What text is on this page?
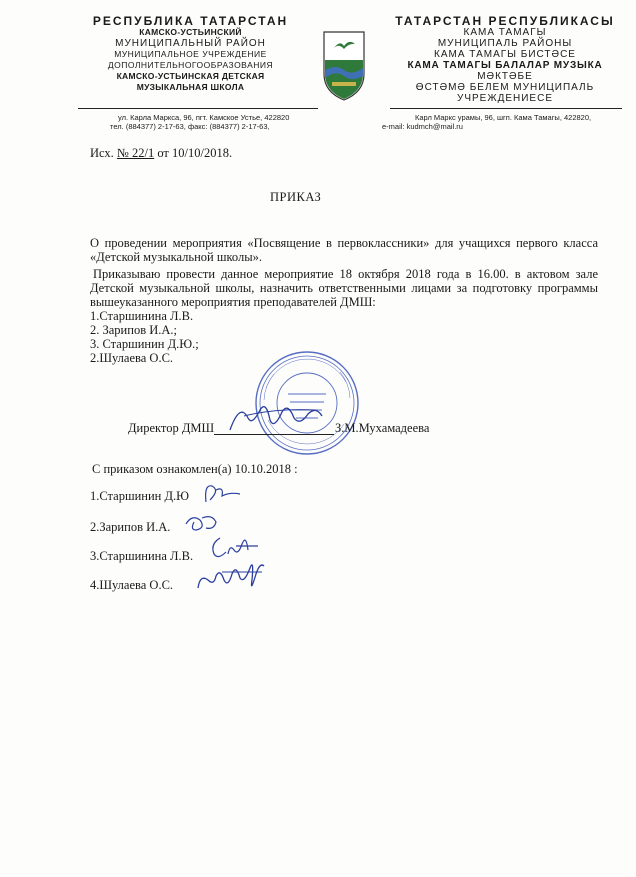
РЕСПУБЛИКА ТАТАРСТАН
КАМСКО-УСТЬИНСКИЙ
МУНИЦИПАЛЬНЫЙ РАЙОН
МУНИЦИПАЛЬНОЕ УЧРЕЖДЕНИЕ
ДОПОЛНИТЕЛЬНОГООБРАЗОВАНИЯ
КАМСКО-УСТЬИНСКАЯ ДЕТСКАЯ
МУЗЫКАЛЬНАЯ ШКОЛА
ТАТАРСТАН РЕСПУБЛИКАСЫ
КАМА ТАМАГЫ
МУНИЦИПАЛЬ РАЙОНЫ
КАМА ТАМАГЫ БИСТӘСЕ
КАМА ТАМАГЫ БАЛАЛАР МУЗЫКА
МӘКТӘБЕ
ӨСТӘМӘ БЕЛЕМ МУНИЦИПАЛЬ
УЧРЕЖДЕНИЕСЕ
ул. Карла Маркса, 96, пгт. Камское Устье, 422820
тел. (884377) 2-17-63, факс: (884377) 2-17-63,
Карл Маркс урамы, 96, шгп. Кама Тамагы, 422820,
e-mail: kudmch@mail.ru
Исх. № 22/1 от 10/10/2018.
ПРИКАЗ
О проведении мероприятия «Посвящение в первоклассники» для учащихся первого класса
«Детской музыкальной школы».
Приказываю провести данное мероприятие 18 октября 2018 года в 16.00. в актовом зале
Детской музыкальной школы, назначить ответственными лицами за подготовку программы
вышеуказанного мероприятия преподавателей ДМШ:
1.Старшинина Л.В.
2. Зарипов И.А.;
3. Старшинин Д.Ю.;
2.Шулаева О.С.
Директор ДМШ	З.М.Мухамадеева
С приказом ознакомлен(а) 10.10.2018 :
1.Старшинин Д.Ю
2.Зарипов И.А.
3.Старшинина Л.В.
4.Шулаева О.С.
